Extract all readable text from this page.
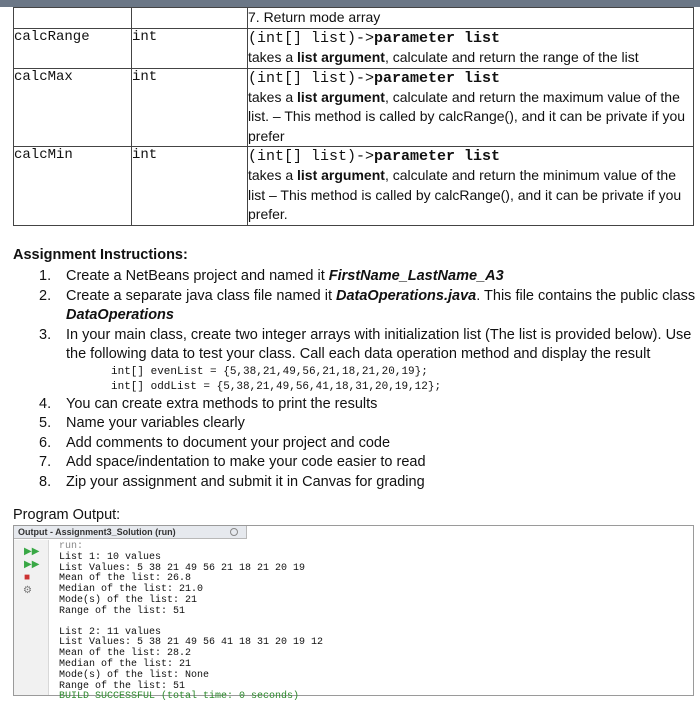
		7. Return mode array
calcRange	int	(int[] list)->parameter list
takes a list argument, calculate and return the range of the list

calcMax	int	(int[] list)->parameter list
takes a list argument, calculate and return the maximum value of the list. – This method is called by calcRange(), and it can be private if you prefer

calcMin	int	(int[] list)->parameter list
takes a list argument, calculate and return the minimum value of the list – This method is called by calcRange(), and it can be private if you prefer.
Assignment Instructions:
1. Create a NetBeans project and named it FirstName_LastName_A3
2. Create a separate java class file named it DataOperations.java. This file contains the public class DataOperations
3. In your main class, create two integer arrays with initialization list (The list is provided below). Use the following data to test your class. Call each data operation method and display the result
int[] evenList = {5,38,21,49,56,21,18,21,20,19};
int[] oddList = {5,38,21,49,56,41,18,31,20,19,12};
4. You can create extra methods to print the results
5. Name your variables clearly
6. Add comments to document your project and code
7. Add space/indentation to make your code easier to read
8. Zip your assignment and submit it in Canvas for grading
Program Output:
Output - Assignment3_Solution (run)
▶▶
▶▶
■
⚙
run:
List 1: 10 values
List Values: 5 38 21 49 56 21 18 21 20 19
Mean of the list: 26.8
Median of the list: 21.0
Mode(s) of the list: 21
Range of the list: 51
List 2: 11 values
List Values: 5 38 21 49 56 41 18 31 20 19 12
Mean of the list: 28.2
Median of the list: 21
Mode(s) of the list: None
Range of the list: 51
BUILD SUCCESSFUL (total time: 0 seconds)
